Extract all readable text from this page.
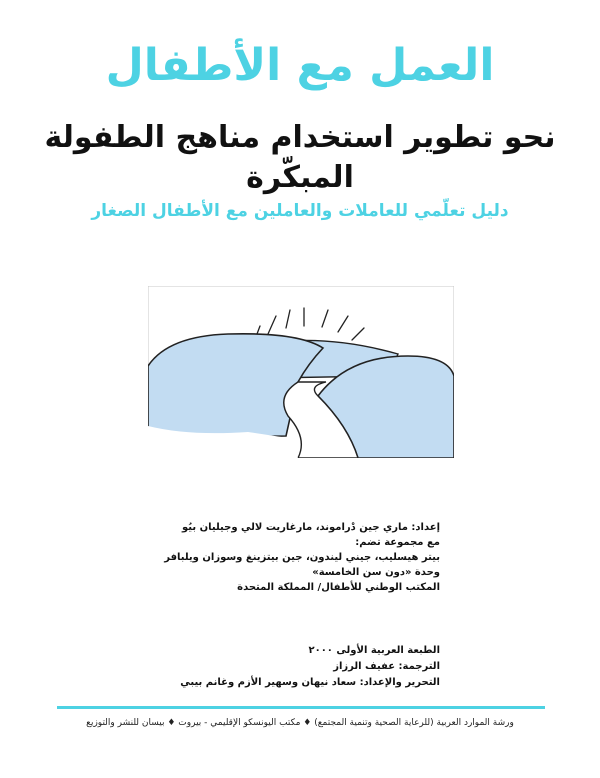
العمل مع الأطفال
نحو تطوير استخدام مناهج الطفولة المبكّرة
دليل تعلّمي للعاملات والعاملين مع الأطفال الصغار
إعداد: ماري جين دْراموند، مارغاريت لالي وجيليان بيُو
مع مجموعة تضم:
بيتر هيسليب، جيني ليندون، جين بيتزينغ وسوزان ويلبافر
وحدة «دون سن الخامسة»
المكتب الوطني للأطفال/ المملكة المتحدة
الطبعة العربية الأولى ٢٠٠٠
الترجمة: عفيف الرزاز
التحرير والإعداد: سعاد نيهان وسهير الأزم وغانم بيبي
ورشة الموارد العربية (للرعاية الصحية وتنمية المجتمع) ♦ مكتب اليونسكو الإقليمي - بيروت ♦ بيسان للنشر والتوزيع
